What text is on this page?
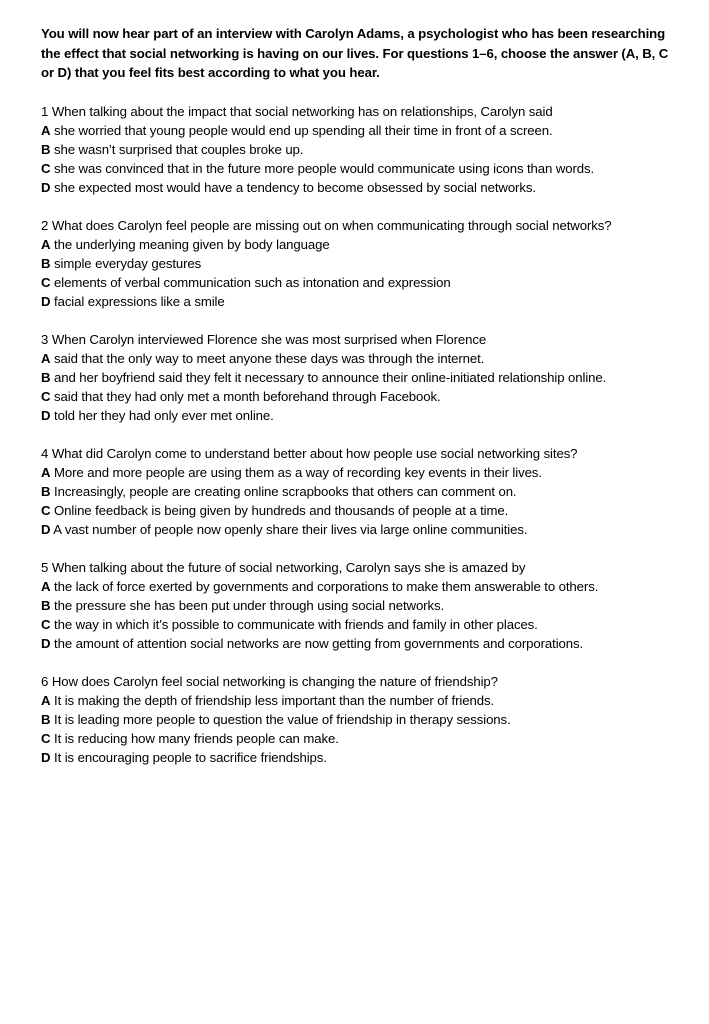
You will now hear part of an interview with Carolyn Adams, a psychologist who has been researching the effect that social networking is having on our lives. For questions 1–6, choose the answer (A, B, C or D) that you feel fits best according to what you hear.

1 When talking about the impact that social networking has on relationships, Carolyn said
A she worried that young people would end up spending all their time in front of a screen.
B she wasn’t surprised that couples broke up.
C she was convinced that in the future more people would communicate using icons than words.
D she expected most would have a tendency to become obsessed by social networks.
2 What does Carolyn feel people are missing out on when communicating through social networks?
A the underlying meaning given by body language
B simple everyday gestures
C elements of verbal communication such as intonation and expression
D facial expressions like a smile
3 When Carolyn interviewed Florence she was most surprised when Florence
A said that the only way to meet anyone these days was through the internet.
B and her boyfriend said they felt it necessary to announce their online-initiated relationship online.
C said that they had only met a month beforehand through Facebook.
D told her they had only ever met online.
4 What did Carolyn come to understand better about how people use social networking sites?
A More and more people are using them as a way of recording key events in their lives.
B Increasingly, people are creating online scrapbooks that others can comment on.
C Online feedback is being given by hundreds and thousands of people at a time.
D A vast number of people now openly share their lives via large online communities.
5 When talking about the future of social networking, Carolyn says she is amazed by
A the lack of force exerted by governments and corporations to make them answerable to others.
B the pressure she has been put under through using social networks.
C the way in which it’s possible to communicate with friends and family in other places.
D the amount of attention social networks are now getting from governments and corporations.
6 How does Carolyn feel social networking is changing the nature of friendship?
A It is making the depth of friendship less important than the number of friends.
B It is leading more people to question the value of friendship in therapy sessions.
C It is reducing how many friends people can make.
D It is encouraging people to sacrifice friendships.
